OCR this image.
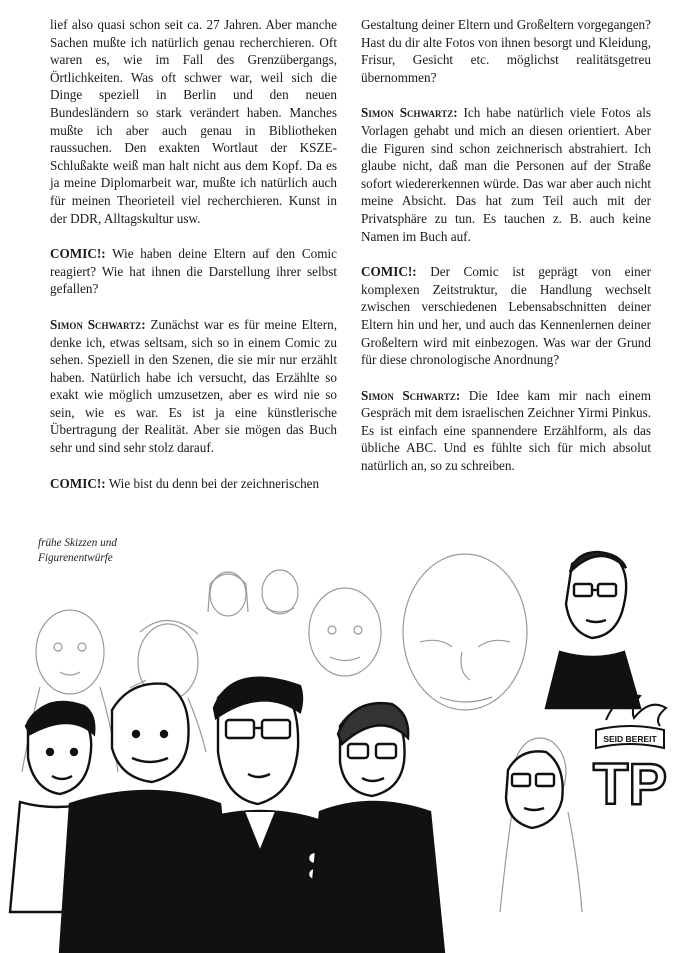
lief also quasi schon seit ca. 27 Jahren. Aber manche Sachen mußte ich natürlich genau recherchieren. Oft waren es, wie im Fall des Grenzübergangs, Örtlichkeiten. Was oft schwer war, weil sich die Dinge speziell in Berlin und den neuen Bundesländern so stark verändert haben. Manches mußte ich aber auch genau in Bibliotheken raussuchen. Den exakten Wortlaut der KSZE-Schlußakte weiß man halt nicht aus dem Kopf. Da es ja meine Diplomarbeit war, mußte ich natürlich auch für meinen Theorieteil viel recherchieren. Kunst in der DDR, Alltagskultur usw.

COMIC!: Wie haben deine Eltern auf den Comic reagiert? Wie hat ihnen die Darstellung ihrer selbst gefallen?

Simon Schwartz: Zunächst war es für meine Eltern, denke ich, etwas seltsam, sich so in einem Comic zu sehen. Speziell in den Szenen, die sie mir nur erzählt haben. Natürlich habe ich versucht, das Erzählte so exakt wie möglich umzusetzen, aber es wird nie so sein, wie es war. Es ist ja eine künstlerische Übertragung der Realität. Aber sie mögen das Buch sehr und sind sehr stolz darauf.

COMIC!: Wie bist du denn bei der zeichnerischen

Gestaltung deiner Eltern und Großeltern vorgegangen? Hast du dir alte Fotos von ihnen besorgt und Kleidung, Frisur, Gesicht etc. möglichst realitätsgetreu übernommen?

Simon Schwartz: Ich habe natürlich viele Fotos als Vorlagen gehabt und mich an diesen orientiert. Aber die Figuren sind schon zeichnerisch abstrahiert. Ich glaube nicht, daß man die Personen auf der Straße sofort wiedererkennen würde. Das war aber auch nicht meine Absicht. Das hat zum Teil auch mit der Privatsphäre zu tun. Es tauchen z. B. auch keine Namen im Buch auf.

COMIC!: Der Comic ist geprägt von einer komplexen Zeitstruktur, die Handlung wechselt zwischen verschiedenen Lebensabschnitten deiner Eltern hin und her, und auch das Kennenlernen deiner Großeltern wird mit einbezogen. Was war der Grund für diese chronologische Anordnung?

Simon Schwartz: Die Idee kam mir nach einem Gespräch mit dem israelischen Zeichner Yirmi Pinkus. Es ist einfach eine spannendere Erzählform, als das übliche ABC. Und es fühlte sich für mich absolut natürlich an, so zu schreiben.

frühe Skizzen und Figurenentwürfe
SEID BEREIT
TP
